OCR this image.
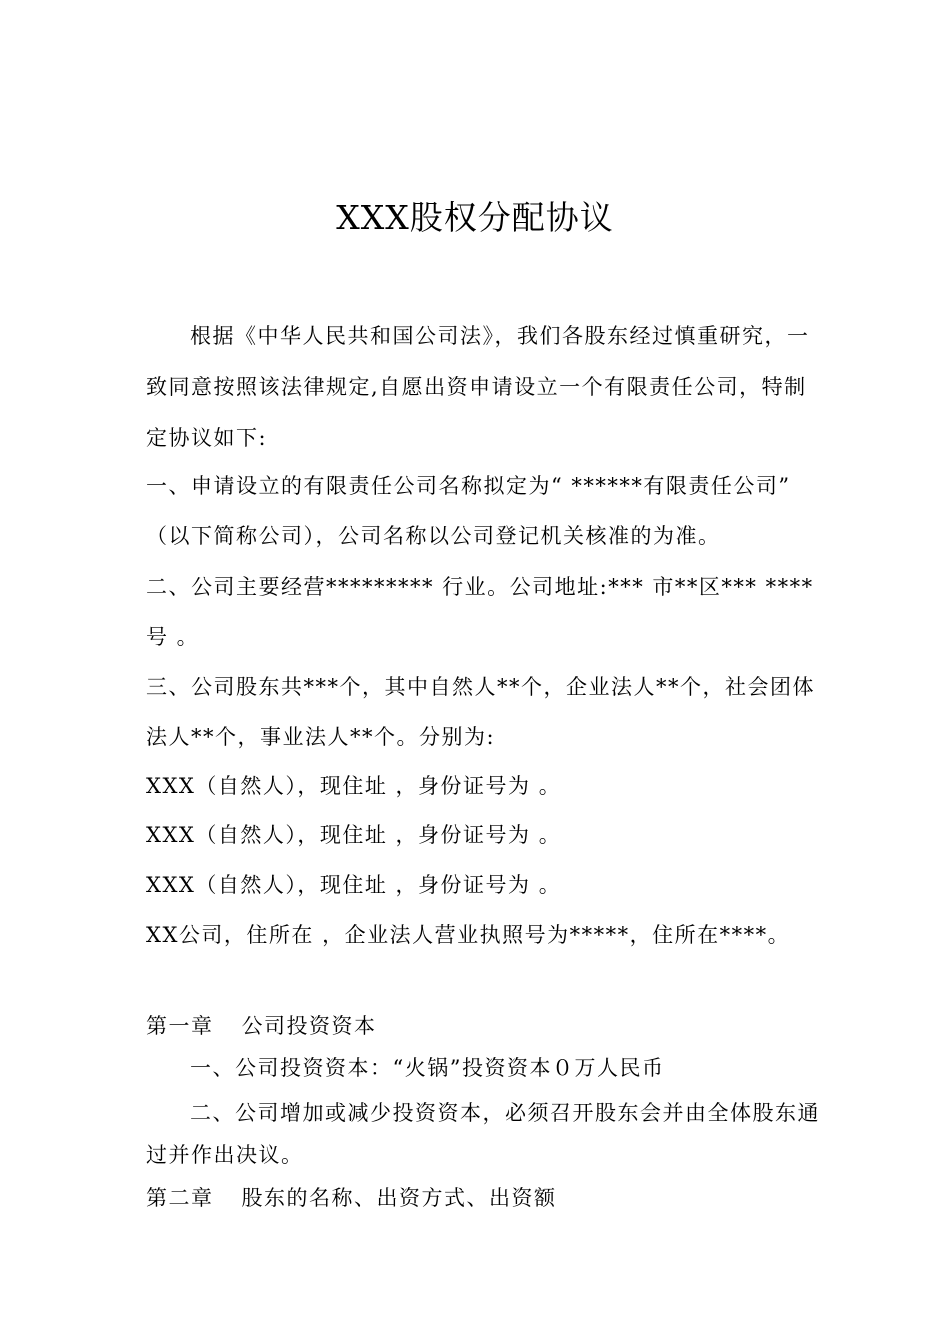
XXX股权分配协议
根据《中华人民共和国公司法》，我们各股东经过慎重研究，一
致同意按照该法律规定,自愿出资申请设立一个有限责任公司，特制
定协议如下:
一、申请设立的有限责任公司名称拟定为“ ******有限责任公司”
（以下简称公司），公司名称以公司登记机关核准的为准。
二、公司主要经营********* 行业。公司地址:*** 市**区*** ****
号 。
三、公司股东共***个，其中自然人**个，企业法人**个，社会团体
法人**个，事业法人**个。分别为:
XXX（自然人），现住址 ，身份证号为 。
XXX（自然人），现住址 ，身份证号为 。
XXX（自然人），现住址 ，身份证号为 。
XX公司，住所在 ，企业法人营业执照号为*****，住所在****。
第一章 公司投资资本
一、公司投资资本：“火锅”投资资本０万人民币
二、公司增加或减少投资资本，必须召开股东会并由全体股东通
过并作出决议。
第二章 股东的名称、出资方式、出资额
